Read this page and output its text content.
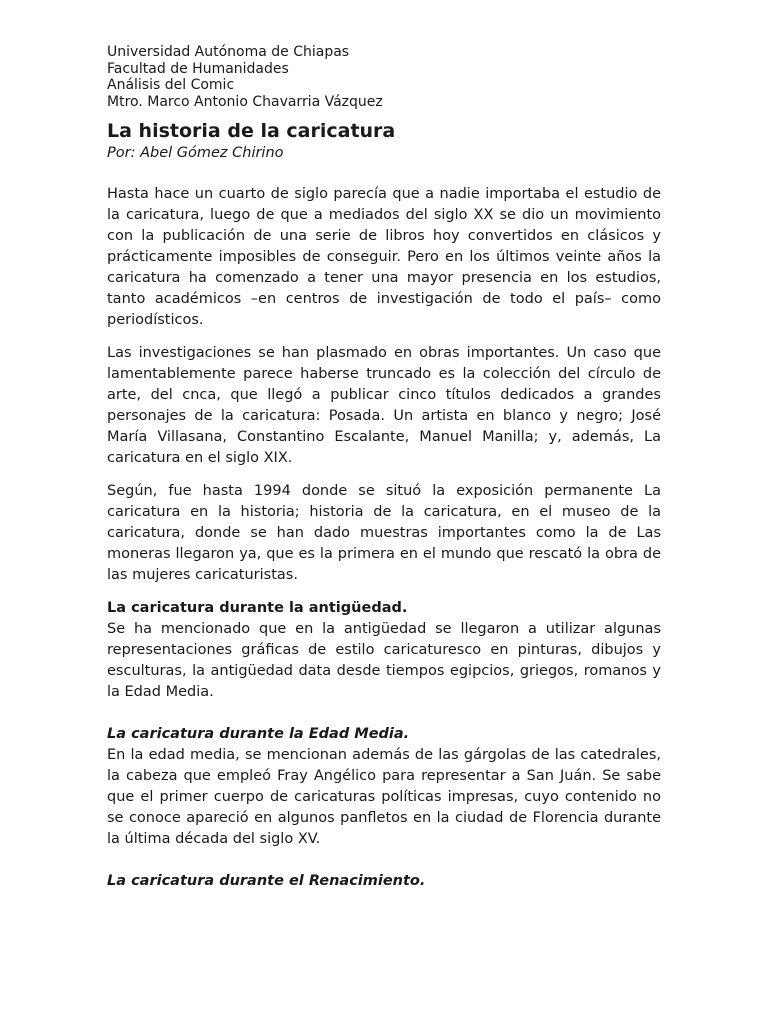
Universidad Autónoma de Chiapas

Facultad de Humanidades

Análisis del Comic

Mtro. Marco Antonio Chavarria Vázquez

La historia de la caricatura

Por: Abel Gómez Chirino

Hasta hace un cuarto de siglo parecía que a nadie importaba el estudio de la caricatura, luego de que a mediados del siglo XX se dio un movimiento con la publicación de una serie de libros hoy convertidos en clásicos y prácticamente imposibles de conseguir. Pero en los últimos veinte años la caricatura ha comenzado a tener una mayor presencia en los estudios, tanto académicos –en centros de investigación de todo el país– como periodísticos.

Las investigaciones se han plasmado en obras importantes. Un caso que lamentablemente parece haberse truncado es la colección del círculo de arte, del cnca, que llegó a publicar cinco títulos dedicados a grandes personajes de la caricatura: Posada. Un artista en blanco y negro; José María Villasana, Constantino Escalante, Manuel Manilla; y, además, La caricatura en el siglo XIX.

Según, fue hasta 1994 donde se situó la exposición permanente La caricatura en la historia; historia de la caricatura, en el museo de la caricatura, donde se han dado muestras importantes como la de Las moneras llegaron ya, que es la primera en el mundo que rescató la obra de las mujeres caricaturistas.

La caricatura durante la antigüedad.

Se ha mencionado que en la antigüedad se llegaron a utilizar algunas representaciones gráficas de estilo caricaturesco en pinturas, dibujos y esculturas, la antigüedad data desde tiempos egipcios, griegos, romanos y la Edad Media.

La caricatura durante la Edad Media.

En la edad media, se mencionan además de las gárgolas de las catedrales, la cabeza que empleó Fray Angélico para representar a San Juán. Se sabe que el primer cuerpo de caricaturas políticas impresas, cuyo contenido no se conoce apareció en algunos panfletos en la ciudad de Florencia durante la última década del siglo XV.

La caricatura durante el Renacimiento.
